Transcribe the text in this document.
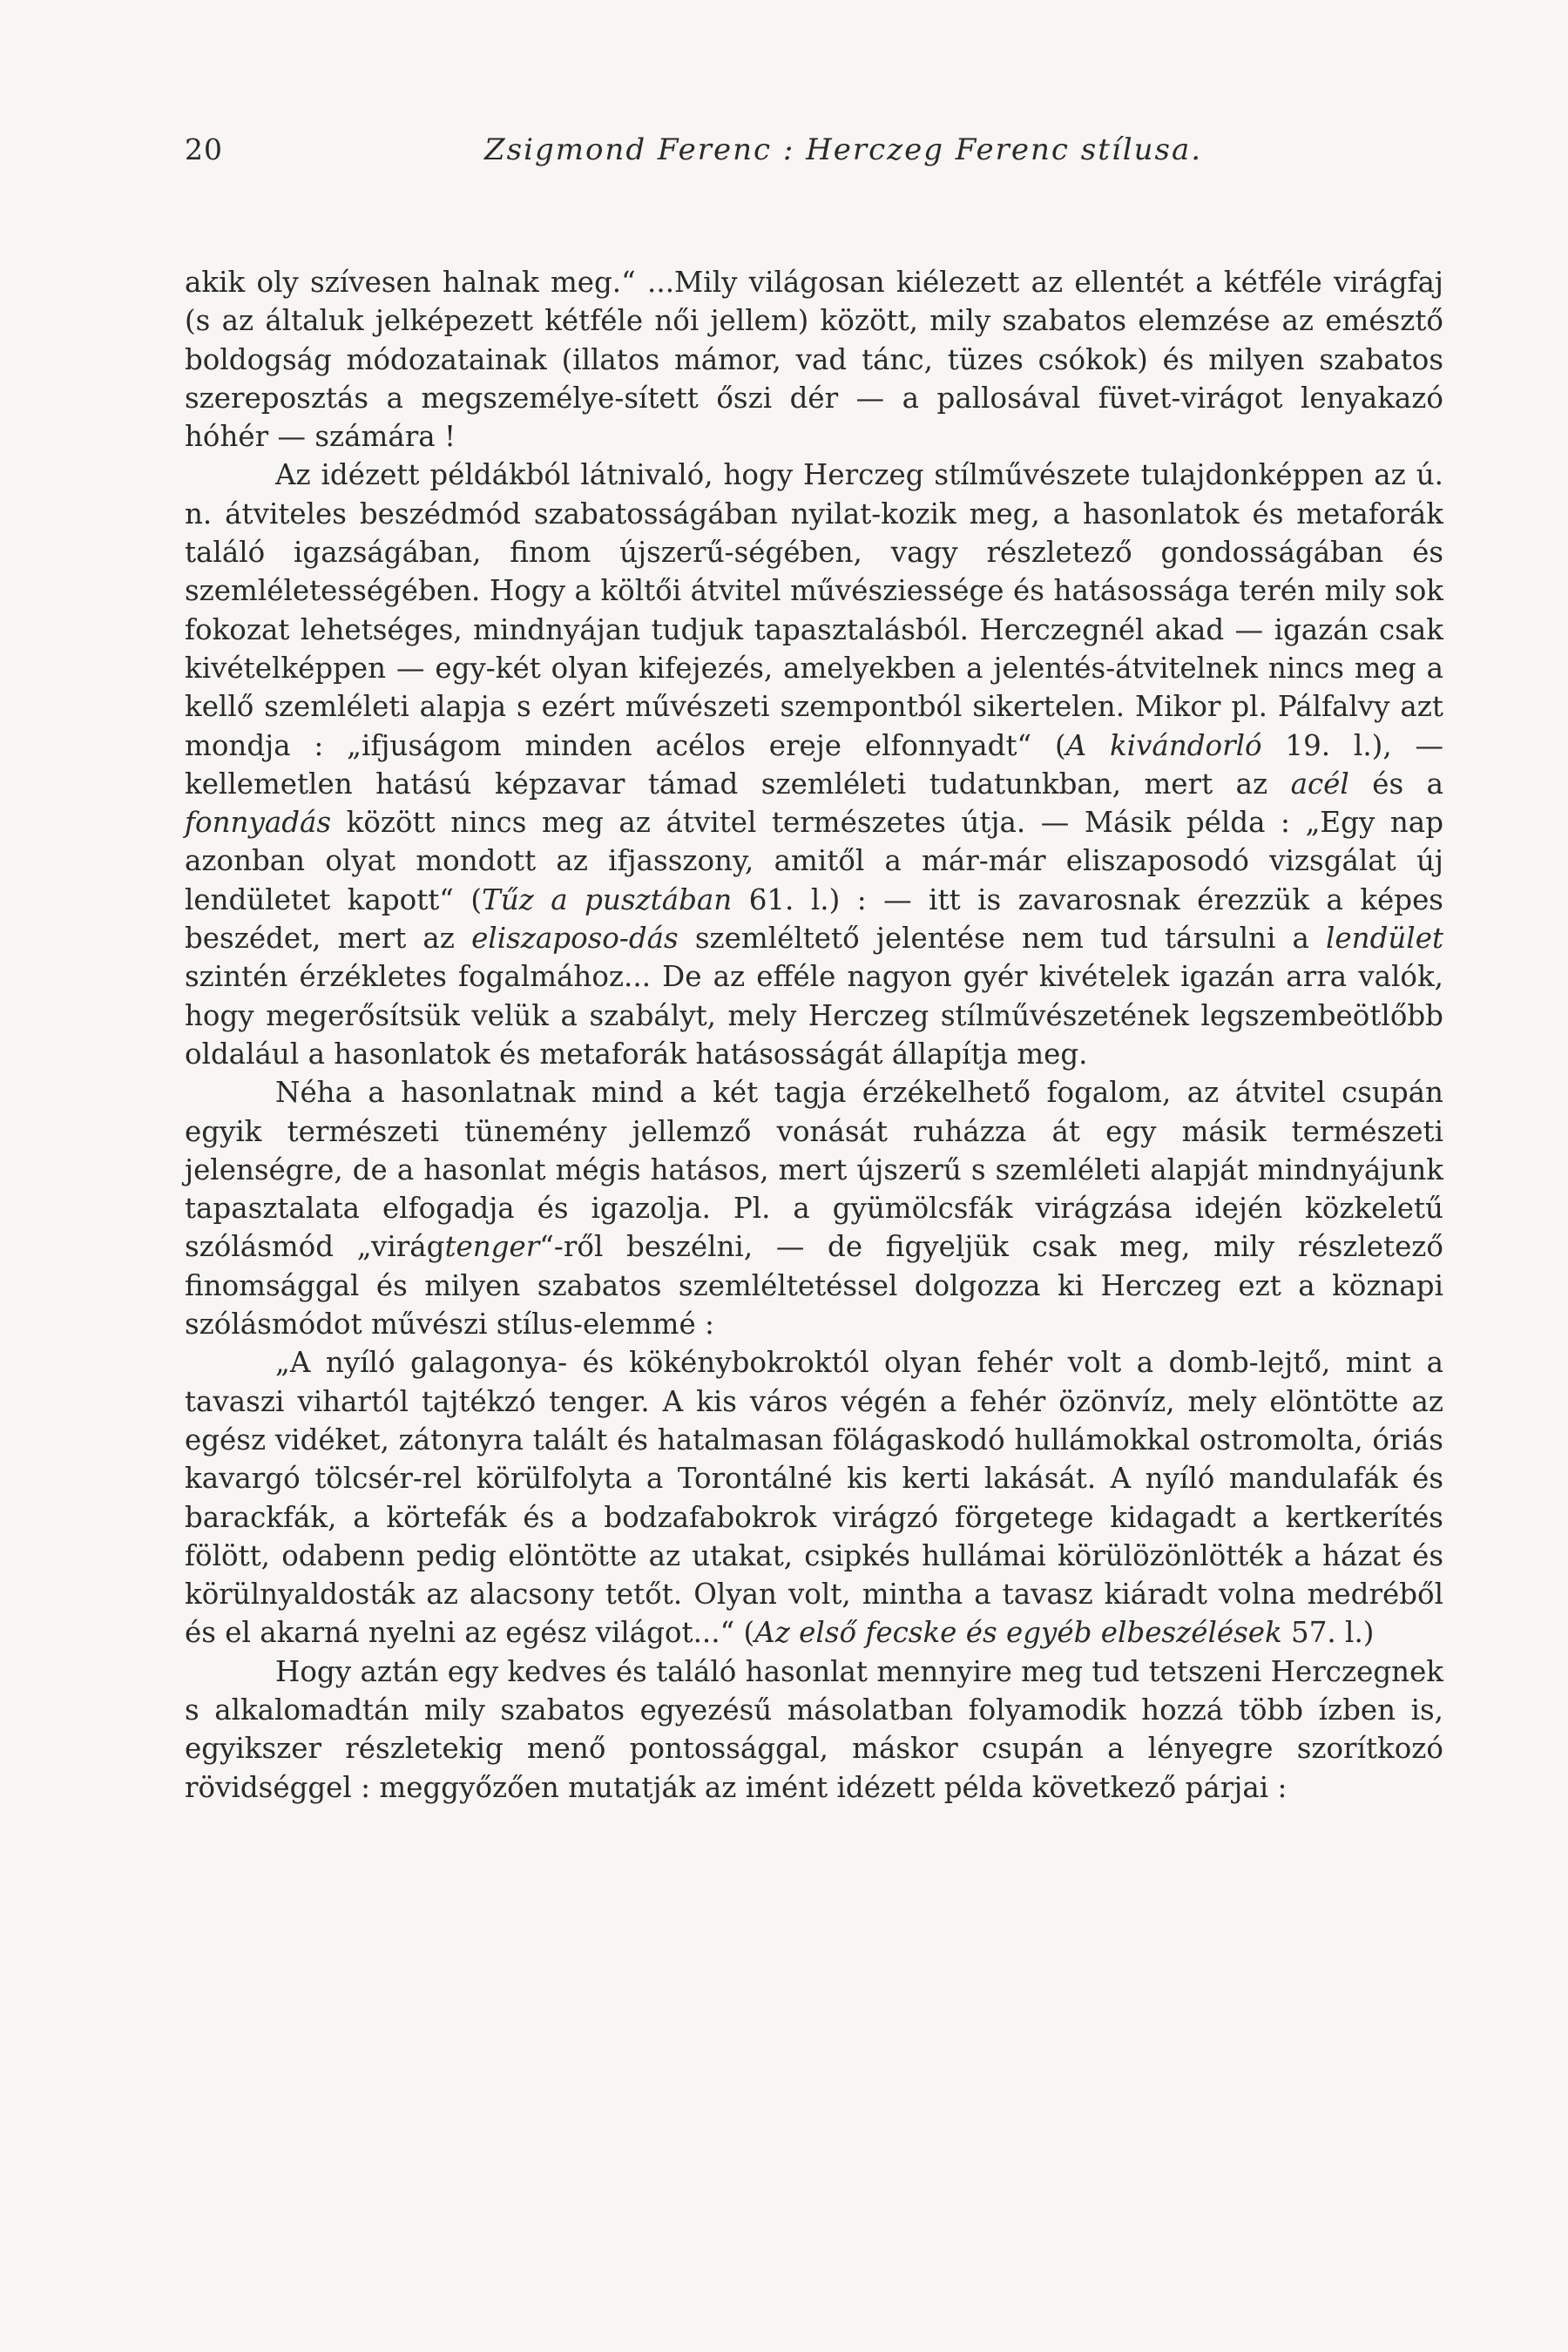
20	Zsigmond Ferenc : Herczeg Ferenc stílusa.

akik oly szívesen halnak meg.“ ...Mily világosan kiélezett az ellentét a kétféle virágfaj (s az általuk jelképezett kétféle női jellem) között, mily szabatos elemzése az emésztő boldogság módozatainak (illatos mámor, vad tánc, tüzes csókok) és milyen szabatos szereposztás a megszemélye-sített őszi dér — a pallosával füvet-virágot lenyakazó hóhér — számára !

Az idézett példákból látnivaló, hogy Herczeg stílművészete tulajdonképpen az ú. n. átviteles beszédmód szabatosságában nyilat-kozik meg, a hasonlatok és metaforák találó igazságában, finom újszerű-ségében, vagy részletező gondosságában és szemléletességében. Hogy a költői átvitel művésziessége és hatásossága terén mily sok fokozat lehetséges, mindnyájan tudjuk tapasztalásból. Herczegnél akad — igazán csak kivételképpen — egy-két olyan kifejezés, amelyekben a jelentés-átvitelnek nincs meg a kellő szemléleti alapja s ezért művészeti szempontból sikertelen. Mikor pl. Pálfalvy azt mondja : „ifjuságom minden acélos ereje elfonnyadt“ (A kivándorló 19. l.), — kellemetlen hatású képzavar támad szemléleti tudatunkban, mert az acél és a fonnyadás között nincs meg az átvitel természetes útja. — Másik példa : „Egy nap azonban olyat mondott az ifjasszony, amitől a már-már eliszaposodó vizsgálat új lendületet kapott“ (Tűz a pusztában 61. l.) : — itt is zavarosnak érezzük a képes beszédet, mert az eliszaposo-dás szemléltető jelentése nem tud társulni a lendület szintén érzékletes fogalmához... De az efféle nagyon gyér kivételek igazán arra valók, hogy megerősítsük velük a szabályt, mely Herczeg stílművészetének legszembeötlőbb oldalául a hasonlatok és metaforák hatásosságát állapítja meg.

Néha a hasonlatnak mind a két tagja érzékelhető fogalom, az átvitel csupán egyik természeti tünemény jellemző vonását ruházza át egy másik természeti jelenségre, de a hasonlat mégis hatásos, mert újszerű s szemléleti alapját mindnyájunk tapasztalata elfogadja és igazolja. Pl. a gyümölcsfák virágzása idején közkeletű szólásmód „virágtenger“-ről beszélni, — de figyeljük csak meg, mily részletező finomsággal és milyen szabatos szemléltetéssel dolgozza ki Herczeg ezt a köznapi szólásmódot művészi stílus-elemmé :

„A nyíló galagonya- és kökénybokroktól olyan fehér volt a domb-lejtő, mint a tavaszi vihartól tajtékzó tenger. A kis város végén a fehér özönvíz, mely elöntötte az egész vidéket, zátonyra talált és hatalmasan fölágaskodó hullámokkal ostromolta, óriás kavargó tölcsér-rel körülfolyta a Torontálné kis kerti lakását. A nyíló mandulafák és barackfák, a körtefák és a bodzafabokrok virágzó förgetege kidagadt a kertkerítés fölött, odabenn pedig elöntötte az utakat, csipkés hullámai körülözönlötték a házat és körülnyaldosták az alacsony tetőt. Olyan volt, mintha a tavasz kiáradt volna medréből és el akarná nyelni az egész világot...“ (Az első fecske és egyéb elbeszélések 57. l.)

Hogy aztán egy kedves és találó hasonlat mennyire meg tud tetszeni Herczegnek s alkalomadtán mily szabatos egyezésű másolatban folyamodik hozzá több ízben is, egyikszer részletekig menő pontossággal, máskor csupán a lényegre szorítkozó rövidséggel : meggyőzően mutatják az imént idézett példa következő párjai :
